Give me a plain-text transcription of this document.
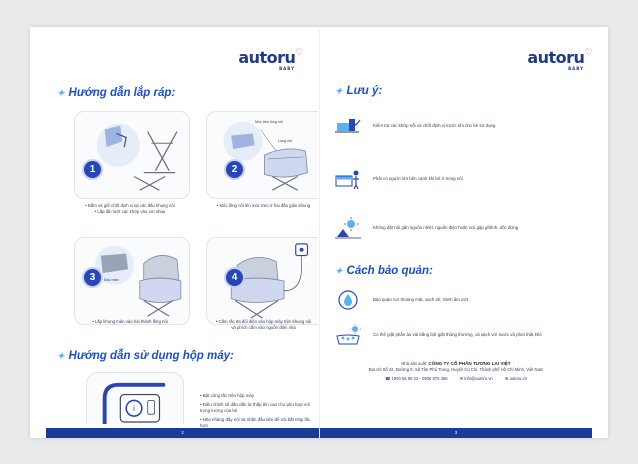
autoru♡
BABY
✦ Hướng dẫn lắp ráp:
1
• Bấm và giữ chốt định vị tại các đầu khung nôi
• Lắp lần lượt các khớp vào với nhau
Móc treo lồng nôi
Lồng nôi
2
• Móc lồng nôi lên móc treo ở hai đầu giàn khung
Đầu màn
3
• Lắp khung màn vào hai thành lồng nôi
4
• Cắm rắc 8a đổi điện vào hộp máy trên khung nôi
và phích cắm vào nguồn điện nhà
✦ Hướng dẫn sử dụng hộp máy:
i
• Bật công tắc trên hộp máy
• Điều chỉnh số dần dần từ thấp lên cao cho phù hợp với trọng lượng của bé
• Nhẹ nhàng đẩy nôi và nhận đầu tiên để nôi bắt nhịp lắc hơn
2
autoru♡
BABY
✦ Lưu ý:
Kiểm tra các khớp nối và chốt định vị trước khi cho bé sử dụng
Phải có người lớn bên cạnh khi bé ở trong nôi
Không đặt nôi gần nguồn nhiệt, nguồn điện hoặc nơi gập ghềnh, dốc đứng
✦ Cách bảo quản:
Bảo quản nơi thoáng mát, sạch sẽ, tránh ẩm ướt
Có thể giặt phần áo vải bằng bột giặt thông thường, xả sạch với nước và phơi thật khô
Nhà sản xuất: CÔNG TY CỔ PHẦN TƯƠNG LAI VIỆT
Địa chỉ Số 42, Đường 8, Xã Tân Phú Trung, Huyện Củ Chi, Thành phố Hồ Chí Minh, Việt Nam
☎ 1900 55 88 24 - 0906 975 456	✉ info@autoru.vn	⊕ autoru.vn
3
